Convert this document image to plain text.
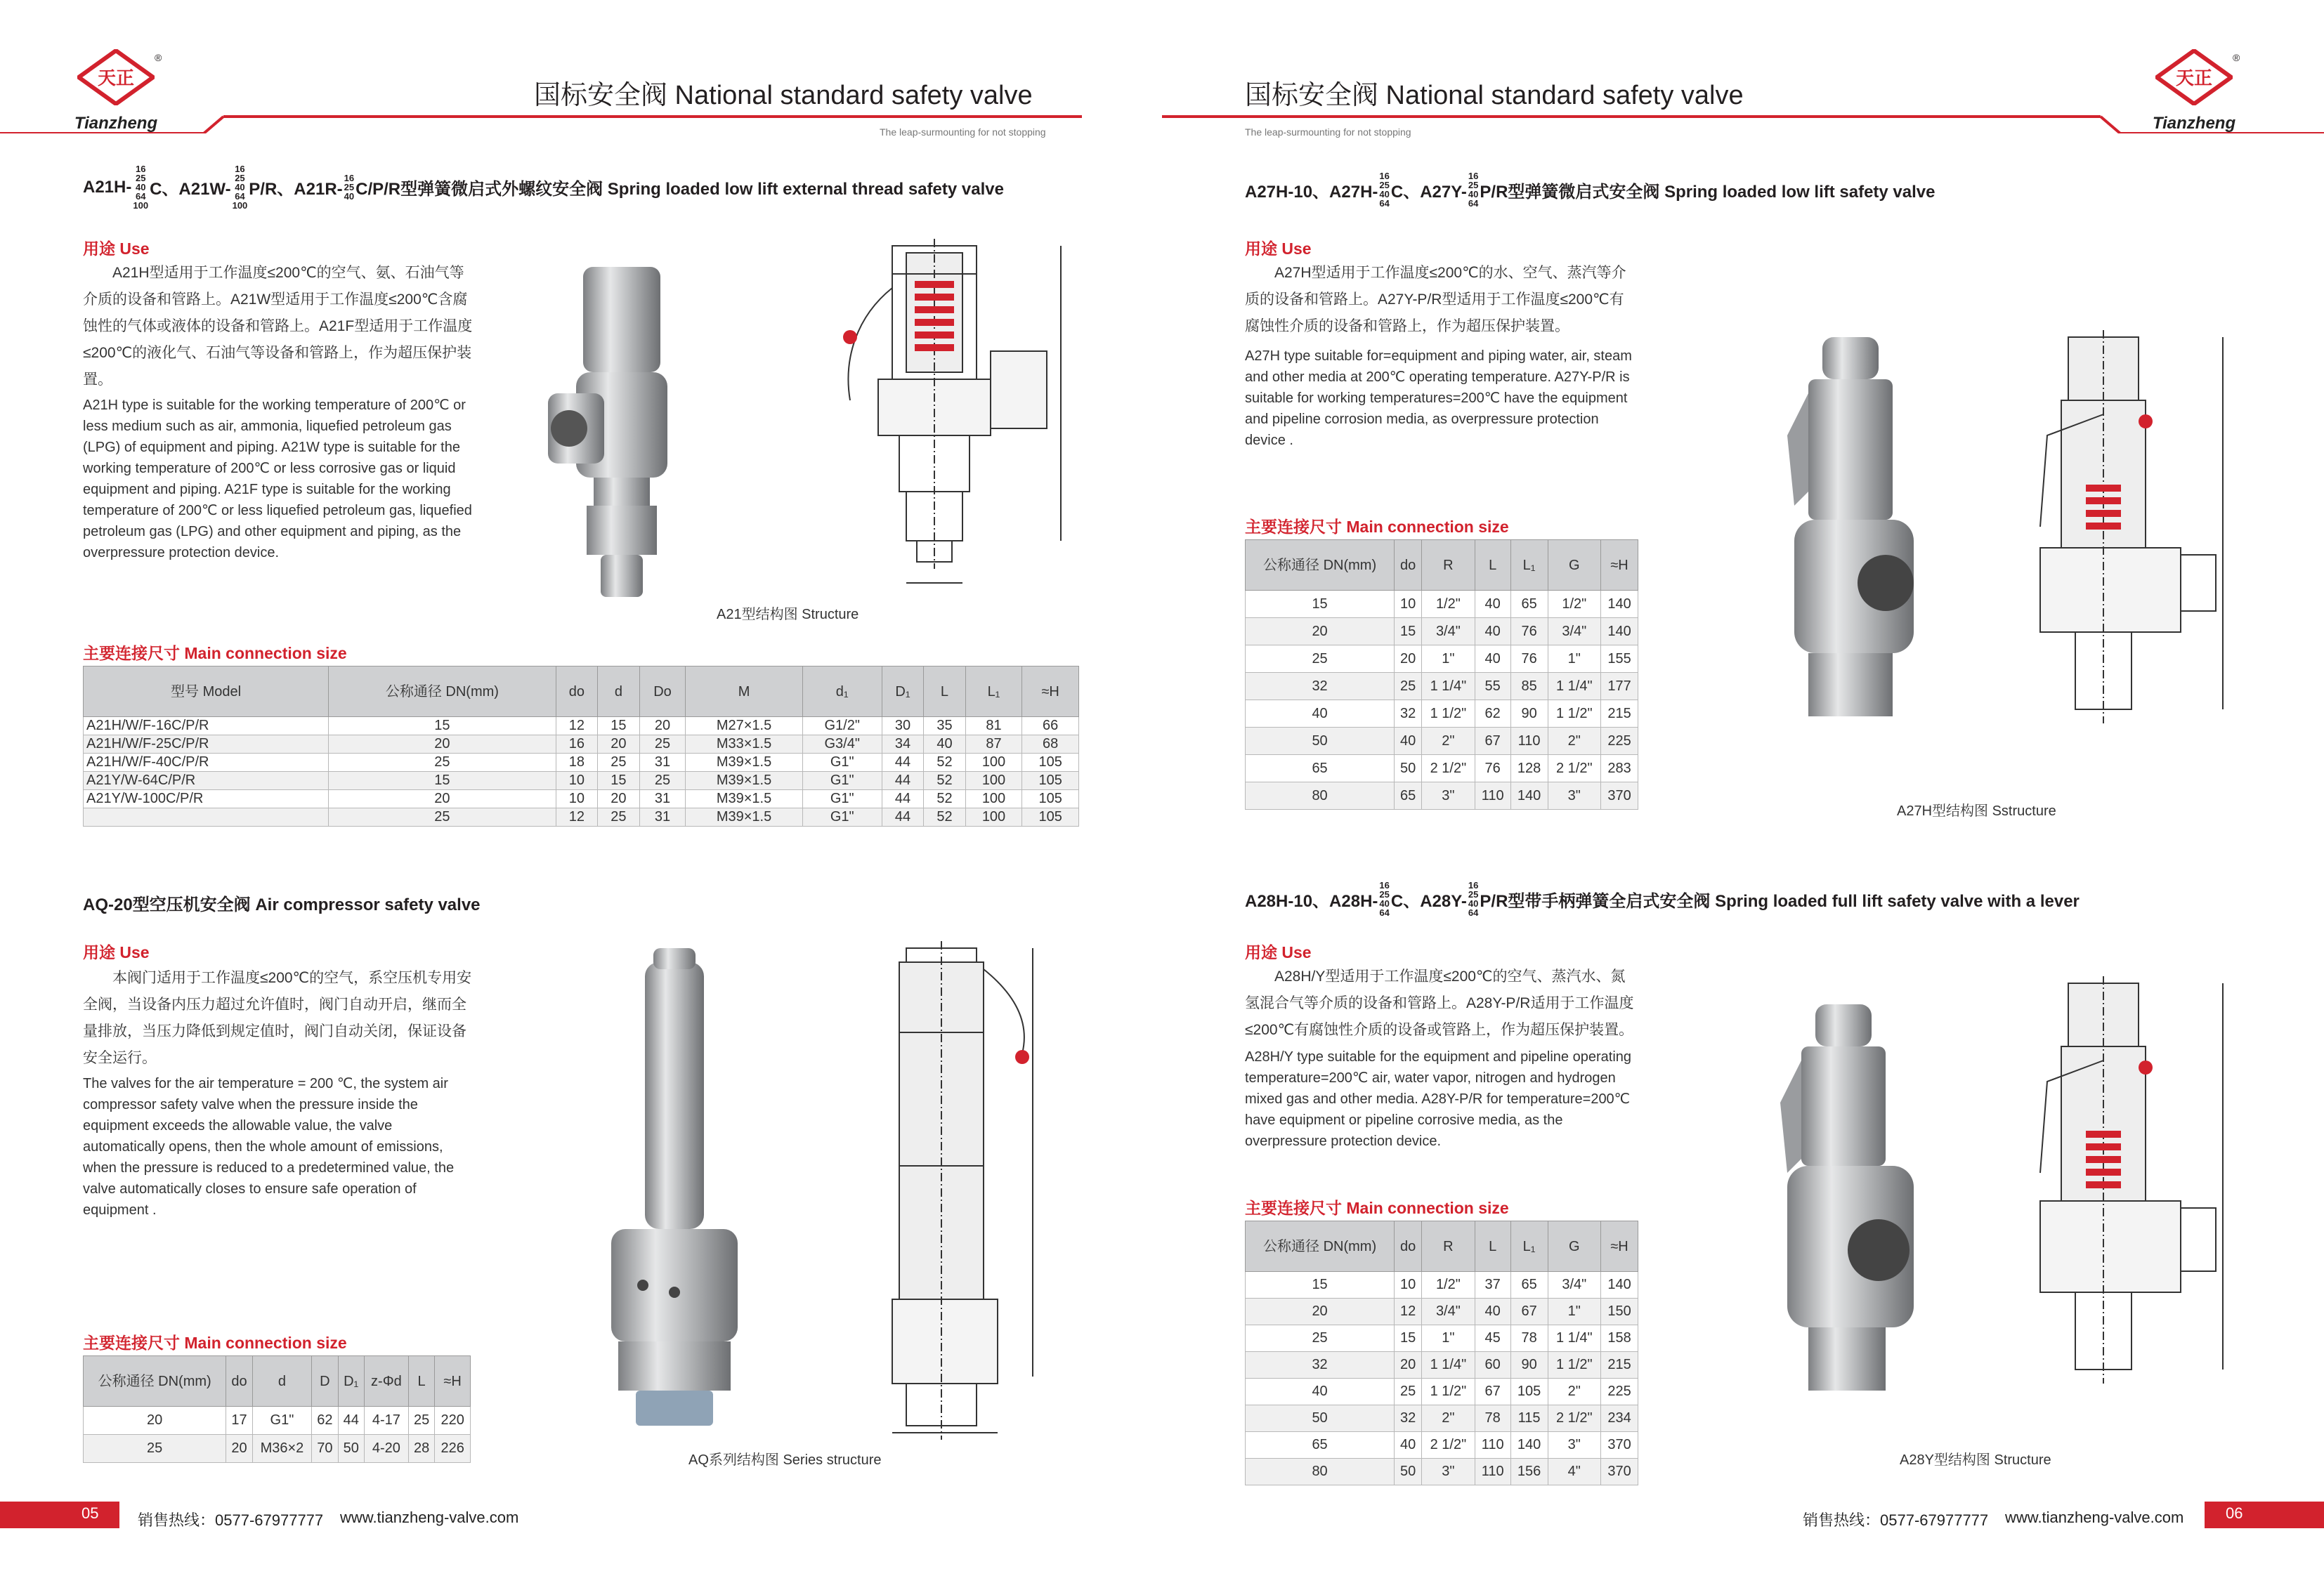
天正
®
Tianzheng
国标安全阀 National standard safety valve
The leap-surmounting for not stopping
A21H-
16
25
40
64
100
C、A21W-
16
25
40
64
100
P/R、A21R-
16
25
40 C/P/R型弹簧微启式外螺纹安全阀 Spring loaded low lift external thread safety valve
用途 Use
A21H型适用于工作温度≤200℃的空气、氨、石油气等介质的设备和管路上。A21W型适用于工作温度≤200℃含腐蚀性的气体或液体的设备和管路上。A21F型适用于工作温度≤200℃的液化气、石油气等设备和管路上，作为超压保护装置。
A21H type is suitable for the working temperature of 200℃ or less medium such as air, ammonia, liquefied petroleum gas (LPG) of equipment and piping. A21W type is suitable for the working temperature of 200℃ or less corrosive gas or liquid equipment and piping. A21F type is suitable for the working temperature of 200℃ or less liquefied petroleum gas, liquefied petroleum gas (LPG) and other equipment and piping, as the overpressure protection device.
A21型结构图 Structure
主要连接尺寸 Main connection size
型号 Model	公称通径 DN(mm)	do	d	Do	M	d₁	D₁	L	L₁	≈H
A21H/W/F-16C/P/R	15	12	15	20	M27×1.5	G1/2"	30	35	81	66
A21H/W/F-25C/P/R	20	16	20	25	M33×1.5	G3/4"	34	40	87	68
A21H/W/F-40C/P/R	25	18	25	31	M39×1.5	G1"	44	52	100	105
A21Y/W-64C/P/R	15	10	15	25	M39×1.5	G1"	44	52	100	105
A21Y/W-100C/P/R	20	10	20	31	M39×1.5	G1"	44	52	100	105
	25	12	25	31	M39×1.5	G1"	44	52	100	105
AQ-20型空压机安全阀 Air compressor safety valve
用途 Use
本阀门适用于工作温度≤200℃的空气，系空压机专用安全阀，当设备内压力超过允许值时，阀门自动开启，继而全量排放，当压力降低到规定值时，阀门自动关闭，保证设备安全运行。
The valves for the air temperature = 200 ℃, the system air compressor safety valve when the pressure inside the equipment exceeds the allowable value, the valve automatically opens, then the whole amount of emissions, when the pressure is reduced to a predetermined value, the valve automatically closes to ensure safe operation of equipment .
AQ系列结构图 Series structure
主要连接尺寸 Main connection size
公称通径 DN(mm)	do	d	D	D₁	z-Φd	L	≈H
20	17	G1"	62	44	4-17	25	220
25	20	M36×2	70	50	4-20	28	226
05	销售热线：0577-67977777 www.tianzheng-valve.com
天正
®
Tianzheng
国标安全阀 National standard safety valve
The leap-surmounting for not stopping
A27H-10、A27H-
16
25
40
64
C、A27Y-
16
25
40
64
P/R型弹簧微启式安全阀 Spring loaded low lift safety valve
用途 Use
A27H型适用于工作温度≤200℃的水、空气、蒸汽等介质的设备和管路上。A27Y-P/R型适用于工作温度≤200℃有腐蚀性介质的设备和管路上，作为超压保护装置。
A27H type suitable for=equipment and piping water, air, steam and other media at 200℃ operating temperature. A27Y-P/R is suitable for working temperatures=200℃ have the equipment and pipeline corrosion media, as overpressure protection device .
主要连接尺寸 Main connection size
公称通径 DN(mm)	do	R	L	L₁	G	≈H
15	10	1/2"	40	65	1/2"	140
20	15	3/4"	40	76	3/4"	140
25	20	1"	40	76	1"	155
32	25	1 1/4"	55	85	1 1/4"	177
40	32	1 1/2"	62	90	1 1/2"	215
50	40	2"	67	110	2"	225
65	50	2 1/2"	76	128	2 1/2"	283
80	65	3"	110	140	3"	370
A27H型结构图 Sstructure
A28H-10、A28H-
16
25
40
64
C、A28Y-
16
25
40
64
P/R型带手柄弹簧全启式安全阀 Spring loaded full lift safety valve with a lever
用途 Use
A28H/Y型适用于工作温度≤200℃的空气、蒸汽水、氮氢混合气等介质的设备和管路上。A28Y-P/R适用于工作温度≤200℃有腐蚀性介质的设备或管路上，作为超压保护装置。
A28H/Y type suitable for the equipment and pipeline operating temperature=200℃ air, water vapor, nitrogen and hydrogen mixed gas and other media. A28Y-P/R for temperature=200℃ have equipment or pipeline corrosive media, as the overpressure protection device.
主要连接尺寸 Main connection size
公称通径 DN(mm)	do	R	L	L₁	G	≈H
15	10	1/2"	37	65	3/4"	140
20	12	3/4"	40	67	1"	150
25	15	1"	45	78	1 1/4"	158
32	20	1 1/4"	60	90	1 1/2"	215
40	25	1 1/2"	67	105	2"	225
50	32	2"	78	115	2 1/2"	234
65	40	2 1/2"	110	140	3"	370
80	50	3"	110	156	4"	370
A28Y型结构图 Structure
销售热线：0577-67977777 www.tianzheng-valve.com	06
